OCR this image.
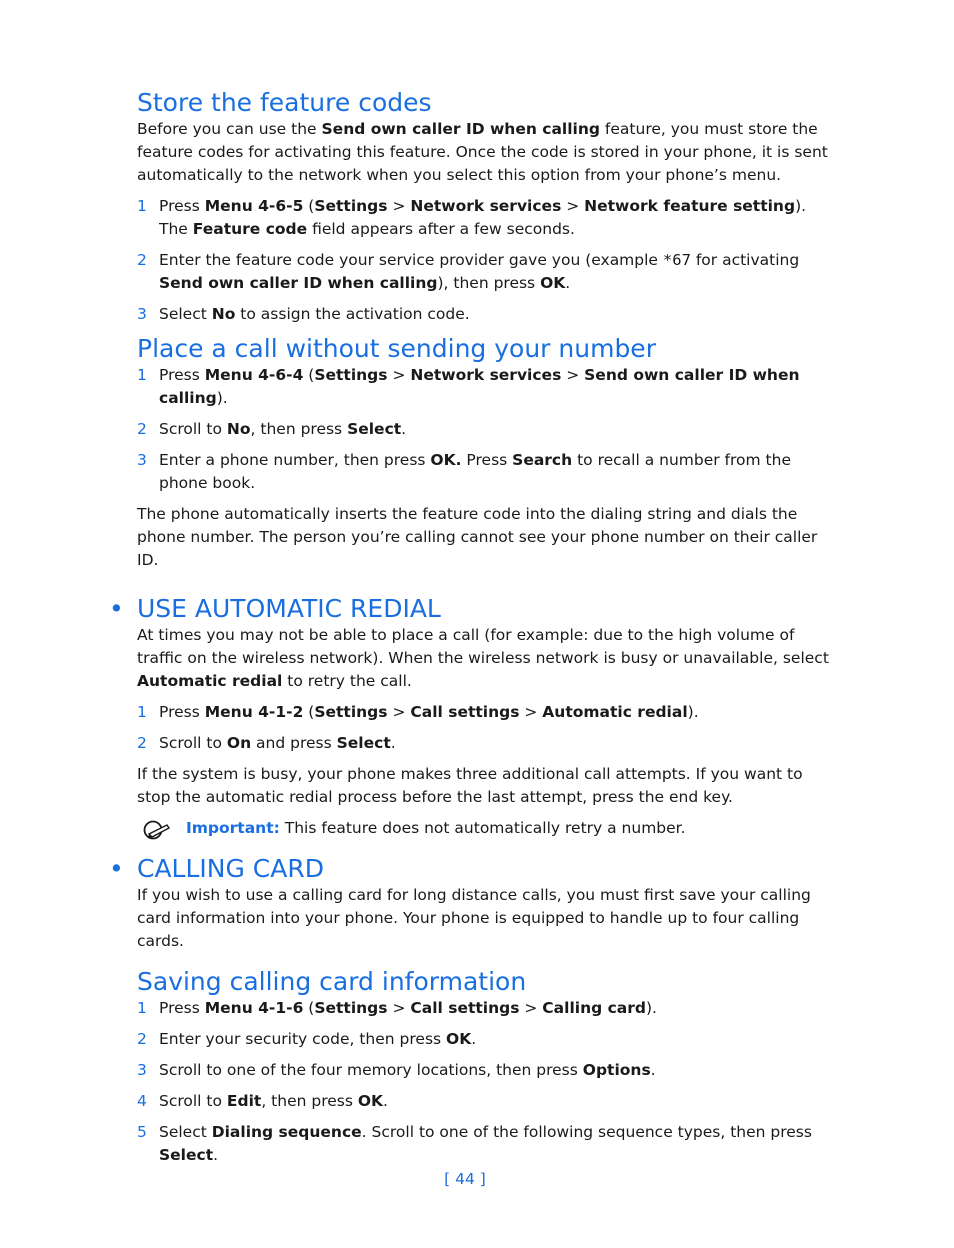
Store the feature codes

Before you can use the Send own caller ID when calling feature, you must store the feature codes for activating this feature. Once the code is stored in your phone, it is sent automatically to the network when you select this option from your phone’s menu.

1 Press Menu 4-6-5 (Settings > Network services > Network feature setting). The Feature code field appears after a few seconds.
2 Enter the feature code your service provider gave you (example *67 for activating Send own caller ID when calling), then press OK.
3 Select No to assign the activation code.
Place a call without sending your number
1 Press Menu 4-6-4 (Settings > Network services > Send own caller ID when calling).
2 Scroll to No, then press Select.
3 Enter a phone number, then press OK. Press Search to recall a number from the phone book.

The phone automatically inserts the feature code into the dialing string and dials the phone number. The person you’re calling cannot see your phone number on their caller ID.

• USE AUTOMATIC REDIAL

At times you may not be able to place a call (for example: due to the high volume of traffic on the wireless network). When the wireless network is busy or unavailable, select Automatic redial to retry the call.

1 Press Menu 4-1-2 (Settings > Call settings > Automatic redial).
2 Scroll to On and press Select.

If the system is busy, your phone makes three additional call attempts. If you want to stop the automatic redial process before the last attempt, press the end key.

Important: This feature does not automatically retry a number.
• CALLING CARD

If you wish to use a calling card for long distance calls, you must first save your calling card information into your phone. Your phone is equipped to handle up to four calling cards.

Saving calling card information
1 Press Menu 4-1-6 (Settings > Call settings > Calling card).
2 Enter your security code, then press OK.
3 Scroll to one of the four memory locations, then press Options.
4 Scroll to Edit, then press OK.
5 Select Dialing sequence. Scroll to one of the following sequence types, then press Select.
[ 44 ]
